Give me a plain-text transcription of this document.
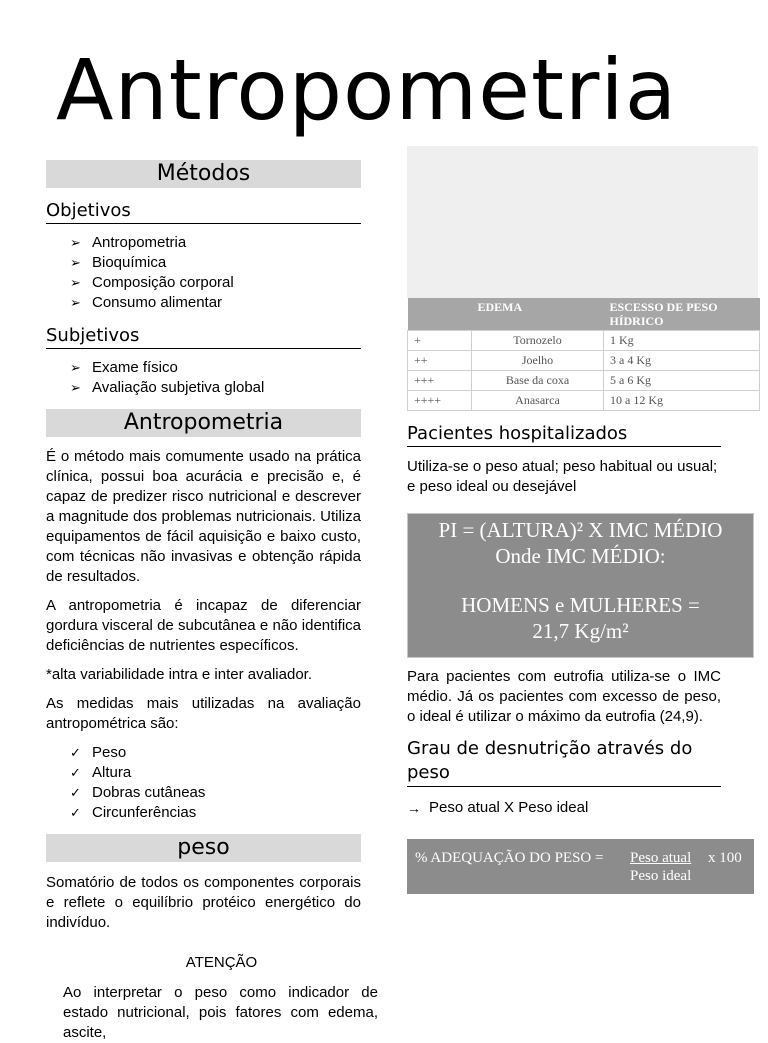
Antropometria
Métodos
Objetivos
➢ Antropometria
➢ Bioquímica
➢ Composição corporal
➢ Consumo alimentar
Subjetivos
➢ Exame físico
➢ Avaliação subjetiva global
Antropometria

É o método mais comumente usado na prática clínica, possui boa acurácia e precisão e, é capaz de predizer risco nutricional e descrever a magnitude dos problemas nutricionais. Utiliza equipamentos de fácil aquisição e baixo custo, com técnicas não invasivas e obtenção rápida de resultados.

A antropometria é incapaz de diferenciar gordura visceral de subcutânea e não identifica deficiências de nutrientes específicos.

*alta variabilidade intra e inter avaliador.

As medidas mais utilizadas na avaliação antropométrica são:

✓ Peso
✓ Altura
✓ Dobras cutâneas
✓ Circunferências
peso

Somatório de todos os componentes corporais e reflete o equilíbrio protéico energético do indivíduo.

ATENÇÃO

Ao interpretar o peso como indicador de estado nutricional, pois fatores com edema, ascite,

	EDEMA	ESCESSO DE PESO HÍDRICO
+	Tornozelo	1 Kg
++	Joelho	3 a 4 Kg
+++	Base da coxa	5 a 6 Kg
++++	Anasarca	10 a 12 Kg
Pacientes hospitalizados

Utiliza-se o peso atual; peso habitual ou usual; e peso ideal ou desejável

PI = (ALTURA)² X IMC MÉDIO
Onde IMC MÉDIO:
HOMENS e MULHERES =
21,7 Kg/m²

Para pacientes com eutrofia utiliza-se o IMC médio. Já os pacientes com excesso de peso, o ideal é utilizar o máximo da eutrofia (24,9).

Grau de desnutrição através do peso
→ Peso atual X Peso ideal
% ADEQUAÇÃO DO PESO = Peso atual x 100
Peso ideal
